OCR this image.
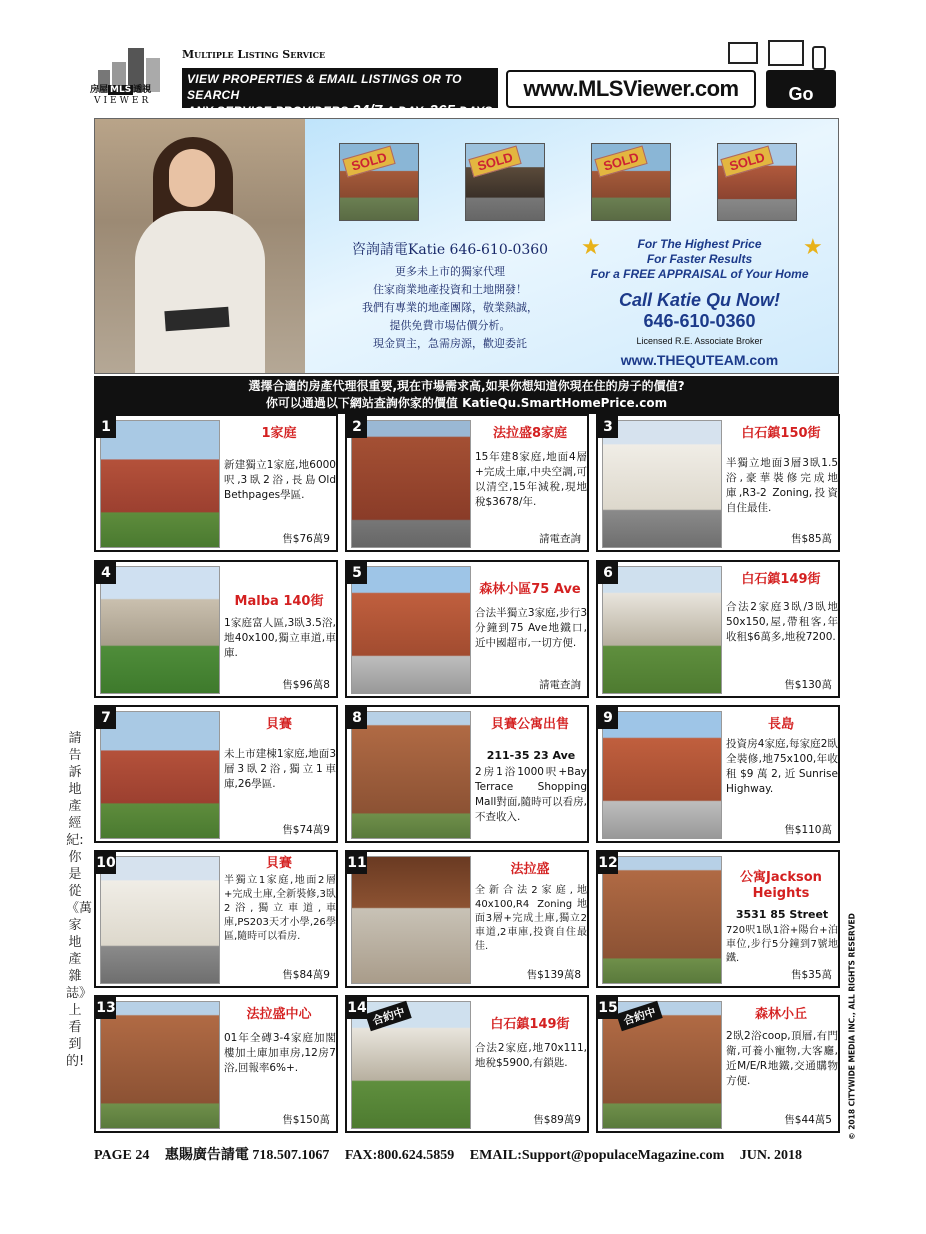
房屋 MLS 透視
VIEWER
Multiple Listing Service
VIEW PROPERTIES & EMAIL LISTINGS OR TO SEARCH
ANY SERVICE PROVIDERS 24/7 A DAY, 365 DAYS
www.MLSViewer.com	Go
SOLD	SOLD	SOLD	SOLD
咨詢請電Katie 646-610-0360
更多未上市的獨家代理
住家商業地產投資和土地開發！
我們有專業的地產團隊，敬業熱誠，
提供免費市場估價分析。
現金買主，急需房源，歡迎委託
★	★
For The Highest Price
For Faster Results
For a FREE APPRAISAL of Your Home
Call Katie Qu Now!
646-610-0360
Licensed R.E. Associate Broker
www.THEQUTEAM.com
選擇合適的房產代理很重要,現在市場需求高,如果你想知道你現在住的房子的價值?
你可以通過以下網站查詢你家的價值 KatieQu.SmartHomePrice.com
1	1家庭
新建獨立1家庭,地6000呎,3臥2浴,長島Old Bethpages學區.
售$76萬9
2	法拉盛8家庭
15年建8家庭,地面4層+完成土庫,中央空調,可以清空,15年減稅,現地稅$3678/年.
請電查詢
3	白石鎮150街
半獨立地面3層3臥1.5浴,豪華裝修完成地庫,R3-2 Zoning,投資自住最佳.
售$85萬
4
Malba 140街
1家庭富人區,3臥3.5浴,地40x100,獨立車道,車庫.
售$96萬8
5
森林小區75 Ave
合法半獨立3家庭,步行3分鐘到75 Ave地鐵口,近中國超市,一切方便.
請電查詢
6	白石鎮149街
合法2家庭3臥/3臥地50x150,屋,帶租客,年收租$6萬多,地稅7200.
售$130萬
7	貝賽
未上市建棟1家庭,地面3層3臥2浴,獨立1車庫,26學區.
售$74萬9
8	貝賽公寓出售
211-35 23 Ave
2房1浴1000呎+Bay Terrace Shopping Mall對面,隨時可以看房,不查收入.
9	長島
投資房4家庭,每家庭2臥全裝修,地75x100,年收租$9萬2,近Sunrise Highway.
售$110萬
10	貝賽
半獨立1家庭,地面2層+完成土庫,全新裝修,3臥2浴,獨立車道,車庫,PS203天才小學,26學區,隨時可以看房.
售$84萬9
11	法拉盛
全新合法2家庭,地40x100,R4 Zoning地面3層+完成土庫,獨立2車道,2車庫,投資自住最佳.
售$139萬8
12
公寓Jackson Heights
3531 85 Street
720呎1臥1浴+陽台+泊車位,步行5分鐘到7號地鐵.
售$35萬
13	法拉盛中心
01年全磚3-4家庭加閣樓加土庫加車房,12房7浴,回報率6%+.
售$150萬
14 合約中	白石鎮149街
合法2家庭,地70x111,地稅$5900,有鎖匙.
售$89萬9
15 合約中	森林小丘
2臥2浴coop,頂層,有門衛,可養小寵物,大客廳,近M/E/R地鐵,交通購物方便.
售$44萬5
請告訴地產經紀:你是從《萬家地產雜誌》上看到的!	© 2018 CITYWIDE MEDIA INC., ALL RIGHTS RESERVED
PAGE 24 惠賜廣告請電 718.507.1067 FAX:800.624.5859 EMAIL:Support@populaceMagazine.com JUN. 2018
